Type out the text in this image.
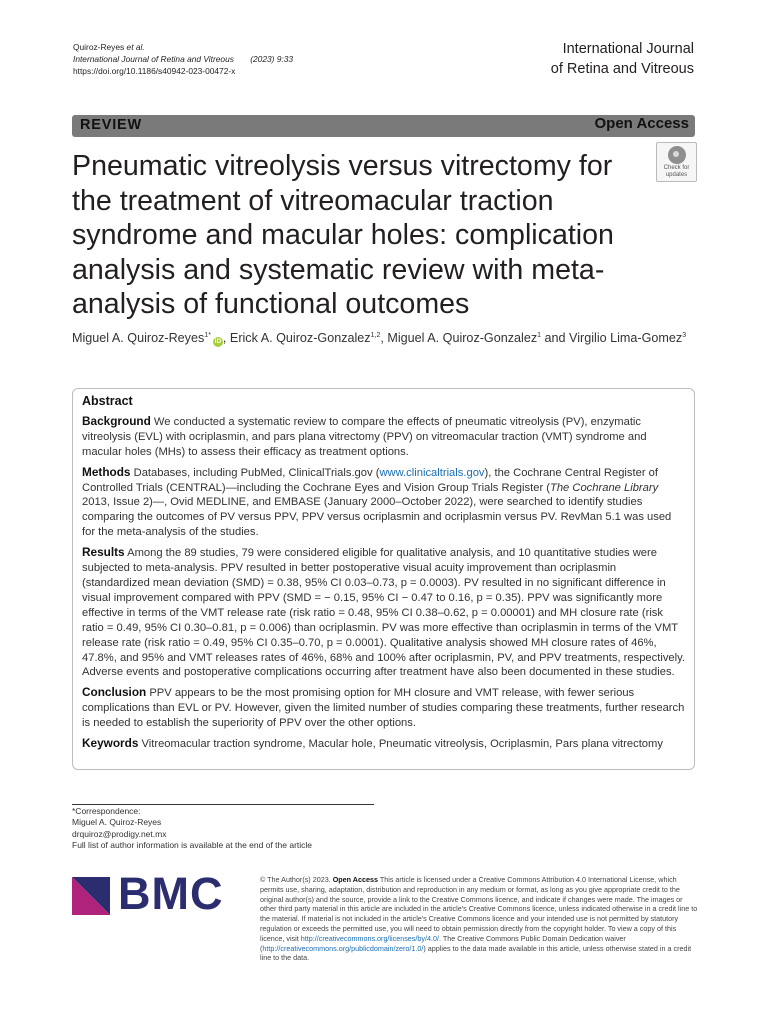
Quiroz-Reyes et al.
International Journal of Retina and Vitreous (2023) 9:33
https://doi.org/10.1186/s40942-023-00472-x
International Journal
of Retina and Vitreous
REVIEW	Open Access
Pneumatic vitreolysis versus vitrectomy for the treatment of vitreomacular traction syndrome and macular holes: complication analysis and systematic review with meta-analysis of functional outcomes
Check for
updates
Miguel A. Quiroz-Reyes$^{1*}$iD , Erick A. Quiroz-Gonzalez$^{1,2}$, Miguel A. Quiroz-Gonzalez$^1$ and Virgilio Lima-Gomez$^3$
Abstract

Background We conducted a systematic review to compare the effects of pneumatic vitreolysis (PV), enzymatic vitreolysis (EVL) with ocriplasmin, and pars plana vitrectomy (PPV) on vitreomacular traction (VMT) syndrome and macular holes (MHs) to assess their efficacy as treatment options.

Methods Databases, including PubMed, ClinicalTrials.gov (www.clinicaltrials.gov), the Cochrane Central Register of Controlled Trials (CENTRAL)—including the Cochrane Eyes and Vision Group Trials Register (The Cochrane Library 2013, Issue 2)—, Ovid MEDLINE, and EMBASE (January 2000–October 2022), were searched to identify studies comparing the outcomes of PV versus PPV, PPV versus ocriplasmin and ocriplasmin versus PV. RevMan 5.1 was used for the meta-analysis of the studies.

Results Among the 89 studies, 79 were considered eligible for qualitative analysis, and 10 quantitative studies were subjected to meta-analysis. PPV resulted in better postoperative visual acuity improvement than ocriplasmin (standardized mean deviation (SMD) = 0.38, 95% CI 0.03–0.73, p = 0.0003). PV resulted in no significant difference in visual improvement compared with PPV (SMD = − 0.15, 95% CI − 0.47 to 0.16, p = 0.35). PPV was significantly more effective in terms of the VMT release rate (risk ratio = 0.48, 95% CI 0.38–0.62, p = 0.00001) and MH closure rate (risk ratio = 0.49, 95% CI 0.30–0.81, p = 0.006) than ocriplasmin. PV was more effective than ocriplasmin in terms of the VMT release rate (risk ratio = 0.49, 95% CI 0.35–0.70, p = 0.0001). Qualitative analysis showed MH closure rates of 46%, 47.8%, and 95% and VMT releases rates of 46%, 68% and 100% after ocriplasmin, PV, and PPV treatments, respectively. Adverse events and postoperative complications occurring after treatment have also been documented in these studies.

Conclusion PPV appears to be the most promising option for MH closure and VMT release, with fewer serious complications than EVL or PV. However, given the limited number of studies comparing these treatments, further research is needed to establish the superiority of PPV over the other options.

Keywords Vitreomacular traction syndrome, Macular hole, Pneumatic vitreolysis, Ocriplasmin, Pars plana vitrectomy

*Correspondence:
Miguel A. Quiroz-Reyes
drquiroz@prodigy.net.mx
Full list of author information is available at the end of the article
BMC	© The Author(s) 2023. Open Access This article is licensed under a Creative Commons Attribution 4.0 International License, which permits use, sharing, adaptation, distribution and reproduction in any medium or format, as long as you give appropriate credit to the original author(s) and the source, provide a link to the Creative Commons licence, and indicate if changes were made. The images or other third party material in this article are included in the article's Creative Commons licence, unless indicated otherwise in a credit line to the material. If material is not included in the article's Creative Commons licence and your intended use is not permitted by statutory regulation or exceeds the permitted use, you will need to obtain permission directly from the copyright holder. To view a copy of this licence, visit http://creativecommons.org/licenses/by/4.0/. The Creative Commons Public Domain Dedication waiver (http://creativecommons.org/publicdomain/zero/1.0/) applies to the data made available in this article, unless otherwise stated in a credit line to the data.
